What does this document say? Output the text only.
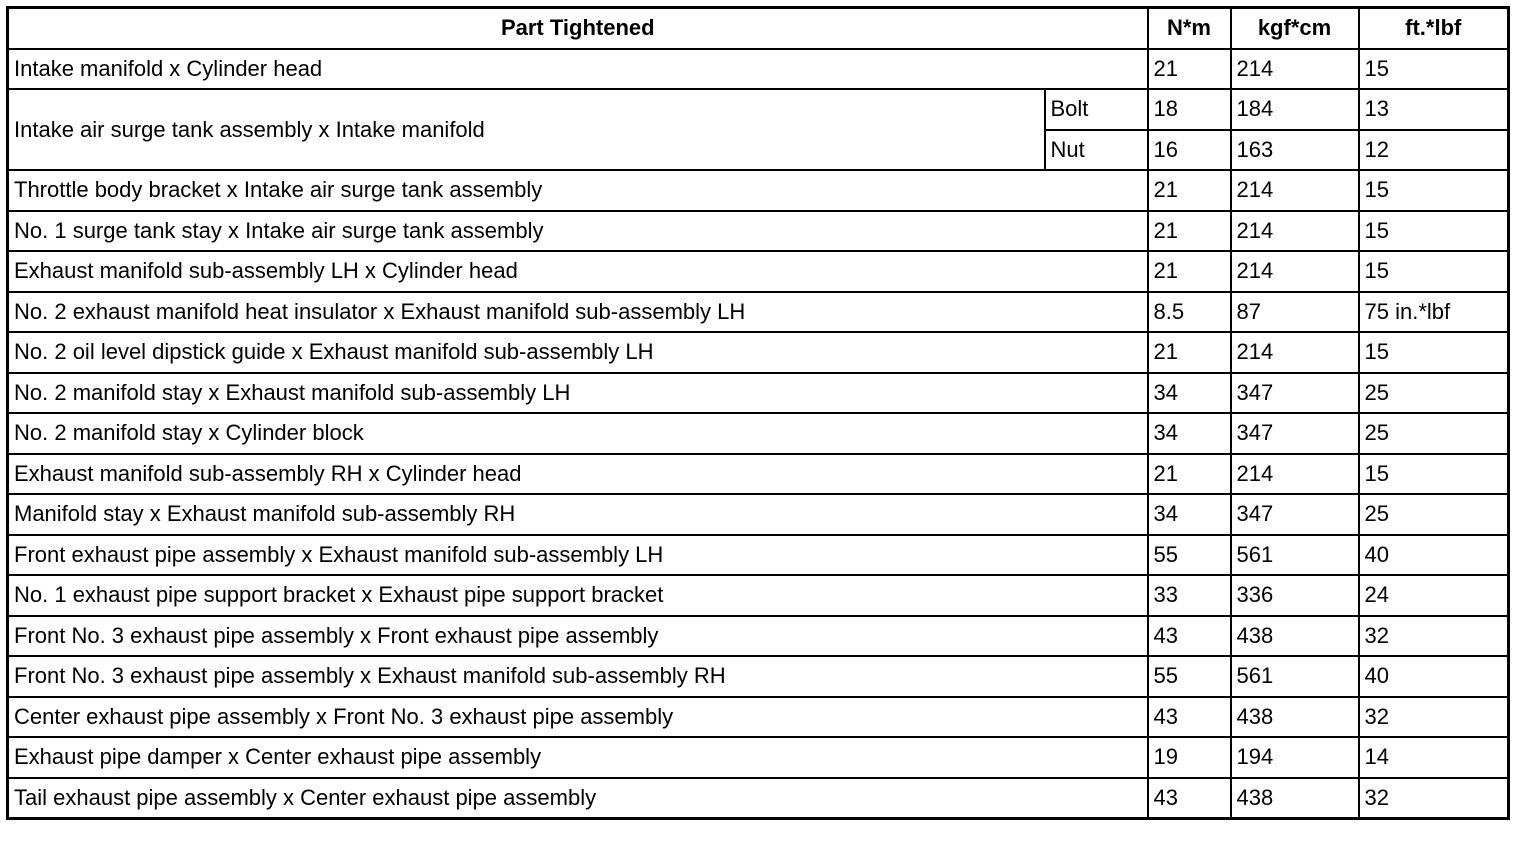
Part Tightened		N*m	kgf*cm	ft.*lbf
Intake manifold x Cylinder head		21	214	15
Intake air surge tank assembly x Intake manifold	Bolt	18	184	13
	Nut	16	163	12
Throttle body bracket x Intake air surge tank assembly		21	214	15
No. 1 surge tank stay x Intake air surge tank assembly		21	214	15
Exhaust manifold sub-assembly LH x Cylinder head		21	214	15
No. 2 exhaust manifold heat insulator x Exhaust manifold sub-assembly LH		8.5	87	75 in.*lbf
No. 2 oil level dipstick guide x Exhaust manifold sub-assembly LH		21	214	15
No. 2 manifold stay x Exhaust manifold sub-assembly LH		34	347	25
No. 2 manifold stay x Cylinder block		34	347	25
Exhaust manifold sub-assembly RH x Cylinder head		21	214	15
Manifold stay x Exhaust manifold sub-assembly RH		34	347	25
Front exhaust pipe assembly x Exhaust manifold sub-assembly LH		55	561	40
No. 1 exhaust pipe support bracket x Exhaust pipe support bracket		33	336	24
Front No. 3 exhaust pipe assembly x Front exhaust pipe assembly		43	438	32
Front No. 3 exhaust pipe assembly x Exhaust manifold sub-assembly RH		55	561	40
Center exhaust pipe assembly x Front No. 3 exhaust pipe assembly		43	438	32
Exhaust pipe damper x Center exhaust pipe assembly		19	194	14
Tail exhaust pipe assembly x Center exhaust pipe assembly		43	438	32
